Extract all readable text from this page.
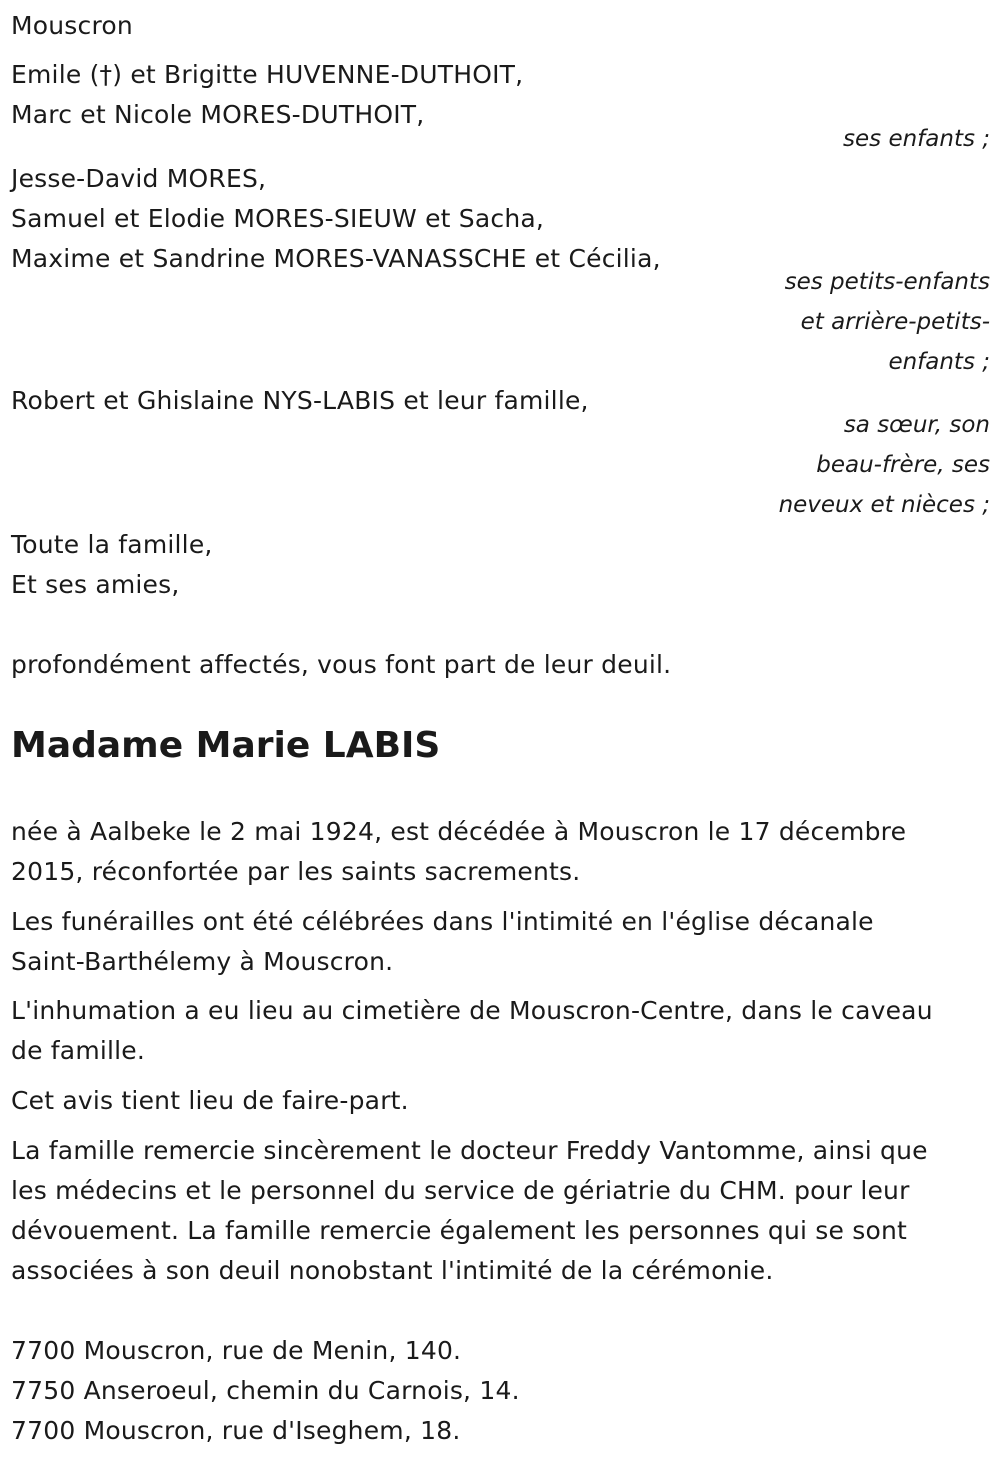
Mouscron
Emile (†) et Brigitte HUVENNE-DUTHOIT,
Marc et Nicole MORES-DUTHOIT,
ses enfants ;
Jesse-David MORES,
Samuel et Elodie MORES-SIEUW et Sacha,
Maxime et Sandrine MORES-VANASSCHE et Cécilia,
ses petits-enfants
et arrière-petits-
enfants ;
Robert et Ghislaine NYS-LABIS et leur famille,
sa sœur, son
beau-frère, ses
neveux et nièces ;
Toute la famille,
Et ses amies,
profondément affectés, vous font part de leur deuil.
Madame Marie LABIS
née à Aalbeke le 2 mai 1924, est décédée à Mouscron le 17 décembre
2015, réconfortée par les saints sacrements.
Les funérailles ont été célébrées dans l'intimité en l'église décanale
Saint-Barthélemy à Mouscron.
L'inhumation a eu lieu au cimetière de Mouscron-Centre, dans le caveau
de famille.
Cet avis tient lieu de faire-part.
La famille remercie sincèrement le docteur Freddy Vantomme, ainsi que
les médecins et le personnel du service de gériatrie du CHM. pour leur
dévouement. La famille remercie également les personnes qui se sont
associées à son deuil nonobstant l'intimité de la cérémonie.
7700 Mouscron, rue de Menin, 140.
7750 Anseroeul, chemin du Carnois, 14.
7700 Mouscron, rue d'Iseghem, 18.
